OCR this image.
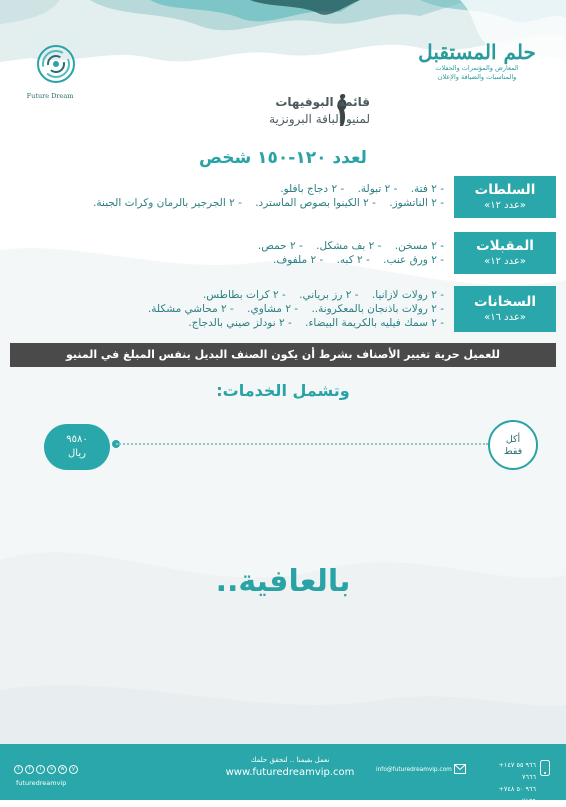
حلم المستقبل
المعارض والمؤتمرات والحفلات
والمناسبات والضيافة والإعلان
Future Dream	قائمة البوفيهات
لمنيو الباقة البرونزية
لعدد ١٢٠-١٥٠ شخص
السلطات
«عدد ١٢»
- ٢ فتة. - ٢ تبولة. - ٢ دجاج بافلو.
- ٢ الناتشوز. - ٢ الكينوا بصوص الماسترد. - ٢ الجرجير بالرمان وكرات الجبنة.
المقبلات
«عدد ١٢»
- ٢ مسخن. - ٢ بف مشكل. - ٢ حمص.
- ٢ ورق عنب. - ٢ كبه. - ٢ ملفوف.
السخانات
«عدد ١٦»
- ٢ رولات لازانيا. - ٢ رز برياني. - ٢ كرات بطاطس.
- ٢ رولات باذنجان بالمعكرونة.. - ٢ مشاوي. - ٢ محاشي مشكلة.
- ٢ سمك فيليه بالكريمة البيضاء. - ٢ نودلز صيني بالدجاج.
للعميل حرية تغيير الأصناف بشرط أن يكون الصنف البديل بنفس المبلغ في المنيو
وتشمل الخدمات:
٩٥٨٠
ريال
أكل
فقط
بالعافية..
t	f	i	s	w	y
futuredreamvip
نعمل بقيمنا .. لنحقق حلمك
www.futuredreamvip.com	info@futuredreamvip.com
+٩٦٦ ٥٥ ١٤٧ ٧٦٦٦
+٩٦٦ ٥٠ ٧٤٨ ٧١٦٩
